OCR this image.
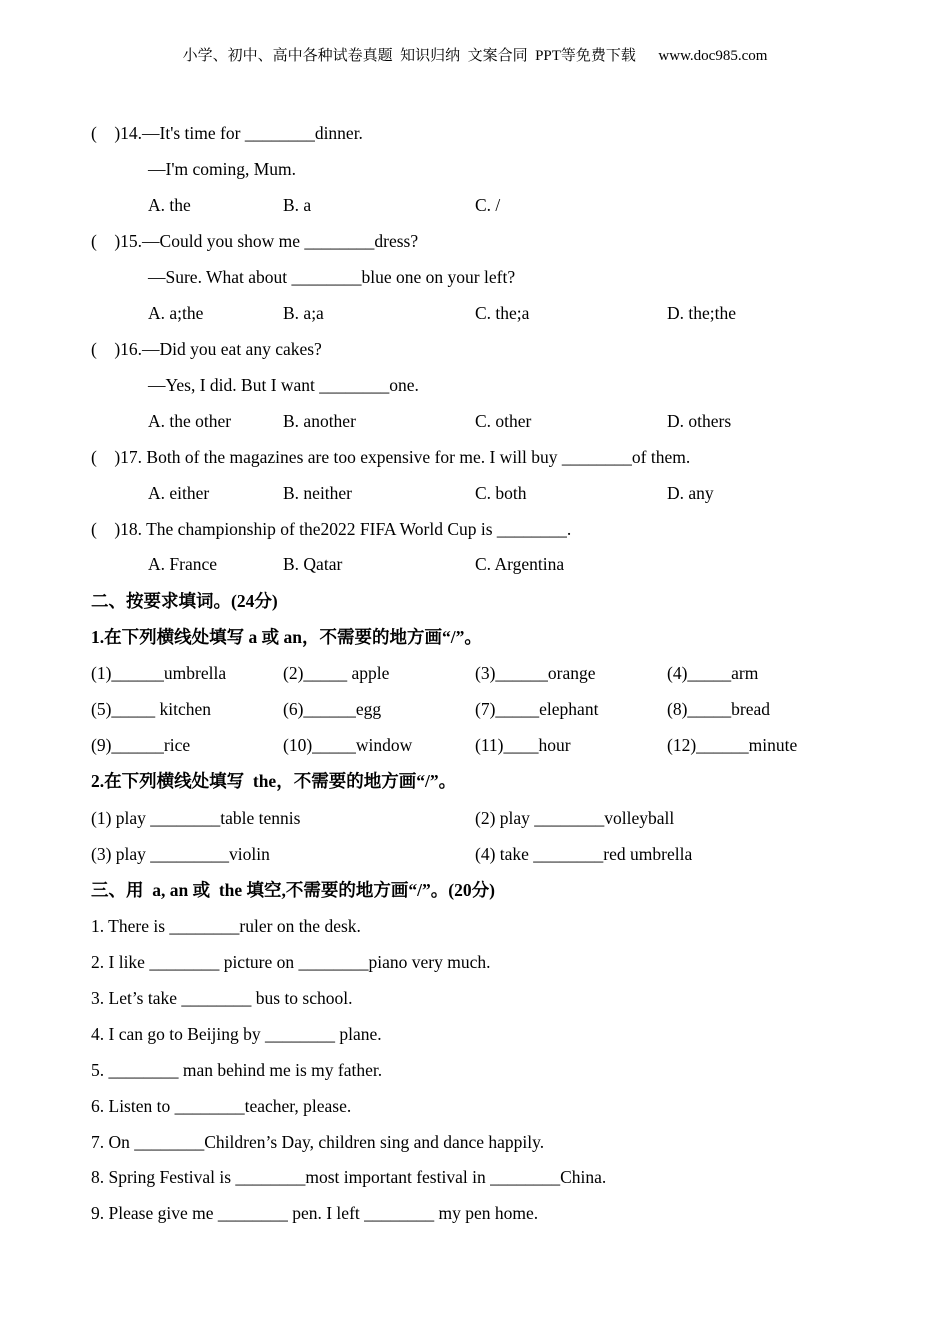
小学、初中、高中各种试卷真题  知识归纳  文案合同  PPT等免费下载      www.doc985.com
(    )14.—It's time for ________dinner.
—I'm coming, Mum.
A. the	B. a	C. /
(    )15.—Could you show me ________dress?
—Sure. What about ________blue one on your left?
A. a;the	B. a;a	C. the;a	D. the;the
(    )16.—Did you eat any cakes?
—Yes, I did. But I want ________one.
A. the other	B. another	C. other	D. others
(    )17. Both of the magazines are too expensive for me. I will buy ________of them.
A. either	B. neither	C. both	D. any
(    )18. The championship of the2022 FIFA World Cup is ________.
A. France	B. Qatar	C. Argentina
二、按要求填词。(24分)
1.在下列横线处填写 a 或 an，不需要的地方画“/”。
(1)______umbrella	(2)_____ apple	(3)______orange	(4)_____arm
(5)_____ kitchen	(6)______egg	(7)_____elephant	(8)_____bread
(9)______rice	(10)_____window	(11)____hour	(12)______minute
2.在下列横线处填写  the，不需要的地方画“/”。
(1) play ________table tennis	(2) play ________volleyball
(3) play _________violin	(4) take ________red umbrella
三、用  a, an 或  the 填空,不需要的地方画“/”。(20分)
1. There is ________ruler on the desk.
2. I like ________ picture on ________piano very much.
3. Let’s take ________ bus to school.
4. I can go to Beijing by ________ plane.
5. ________ man behind me is my father.
6. Listen to ________teacher, please.
7. On ________Children’s Day, children sing and dance happily.
8. Spring Festival is ________most important festival in ________China.
9. Please give me ________ pen. I left ________ my pen home.
